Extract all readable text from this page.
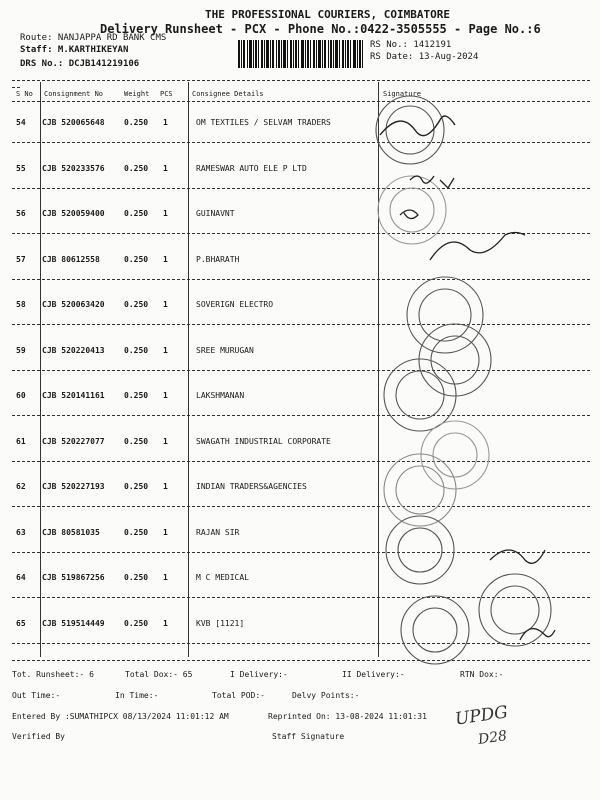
THE PROFESSIONAL COURIERS, COIMBATORE
Delivery Runsheet - PCX - Phone No.:0422-3505555 - Page No.:6
Route: NANJAPPA RD BANK CMS
Staff: M.KARTHIKEYAN
DRS No.: DCJB141219106
RS No.: 1412191
RS Date: 13-Aug-2024
S No Consignment No	Weight PCS	Consignee Details	Signature
54 CJB 520065648 0.250 1	OM TEXTILES / SELVAM TRADERS
55 CJB 520233576 0.250 1	RAMESWAR AUTO ELE P LTD
56 CJB 520059400 0.250 1	GUINAVNT
57 CJB 80612558	0.250 1	P.BHARATH
58 CJB 520063420 0.250 1	SOVERIGN ELECTRO
59 CJB 520220413 0.250 1	SREE MURUGAN
60 CJB 520141161 0.250 1	LAKSHMANAN
61 CJB 520227077 0.250 1	SWAGATH INDUSTRIAL CORPORATE
62 CJB 520227193 0.250 1	INDIAN TRADERS&AGENCIES
63 CJB 80581035	0.250 1	RAJAN SIR
64 CJB 519867256 0.250 1	M C MEDICAL
65 CJB 519514449 0.250 1	KVB [1121]
Tot. Runsheet:- 6	Total Dox:- 65	I Delivery:-	II Delivery:-	RTN Dox:-
Out Time:-	In Time:-	Total POD:-	Delvy Points:-
Entered By :SUMATHIPCX 08/13/2024 11:01:12 AM	Reprinted On: 13-08-2024 11:01:31
Verified By	Staff Signature
UPDG
D28
